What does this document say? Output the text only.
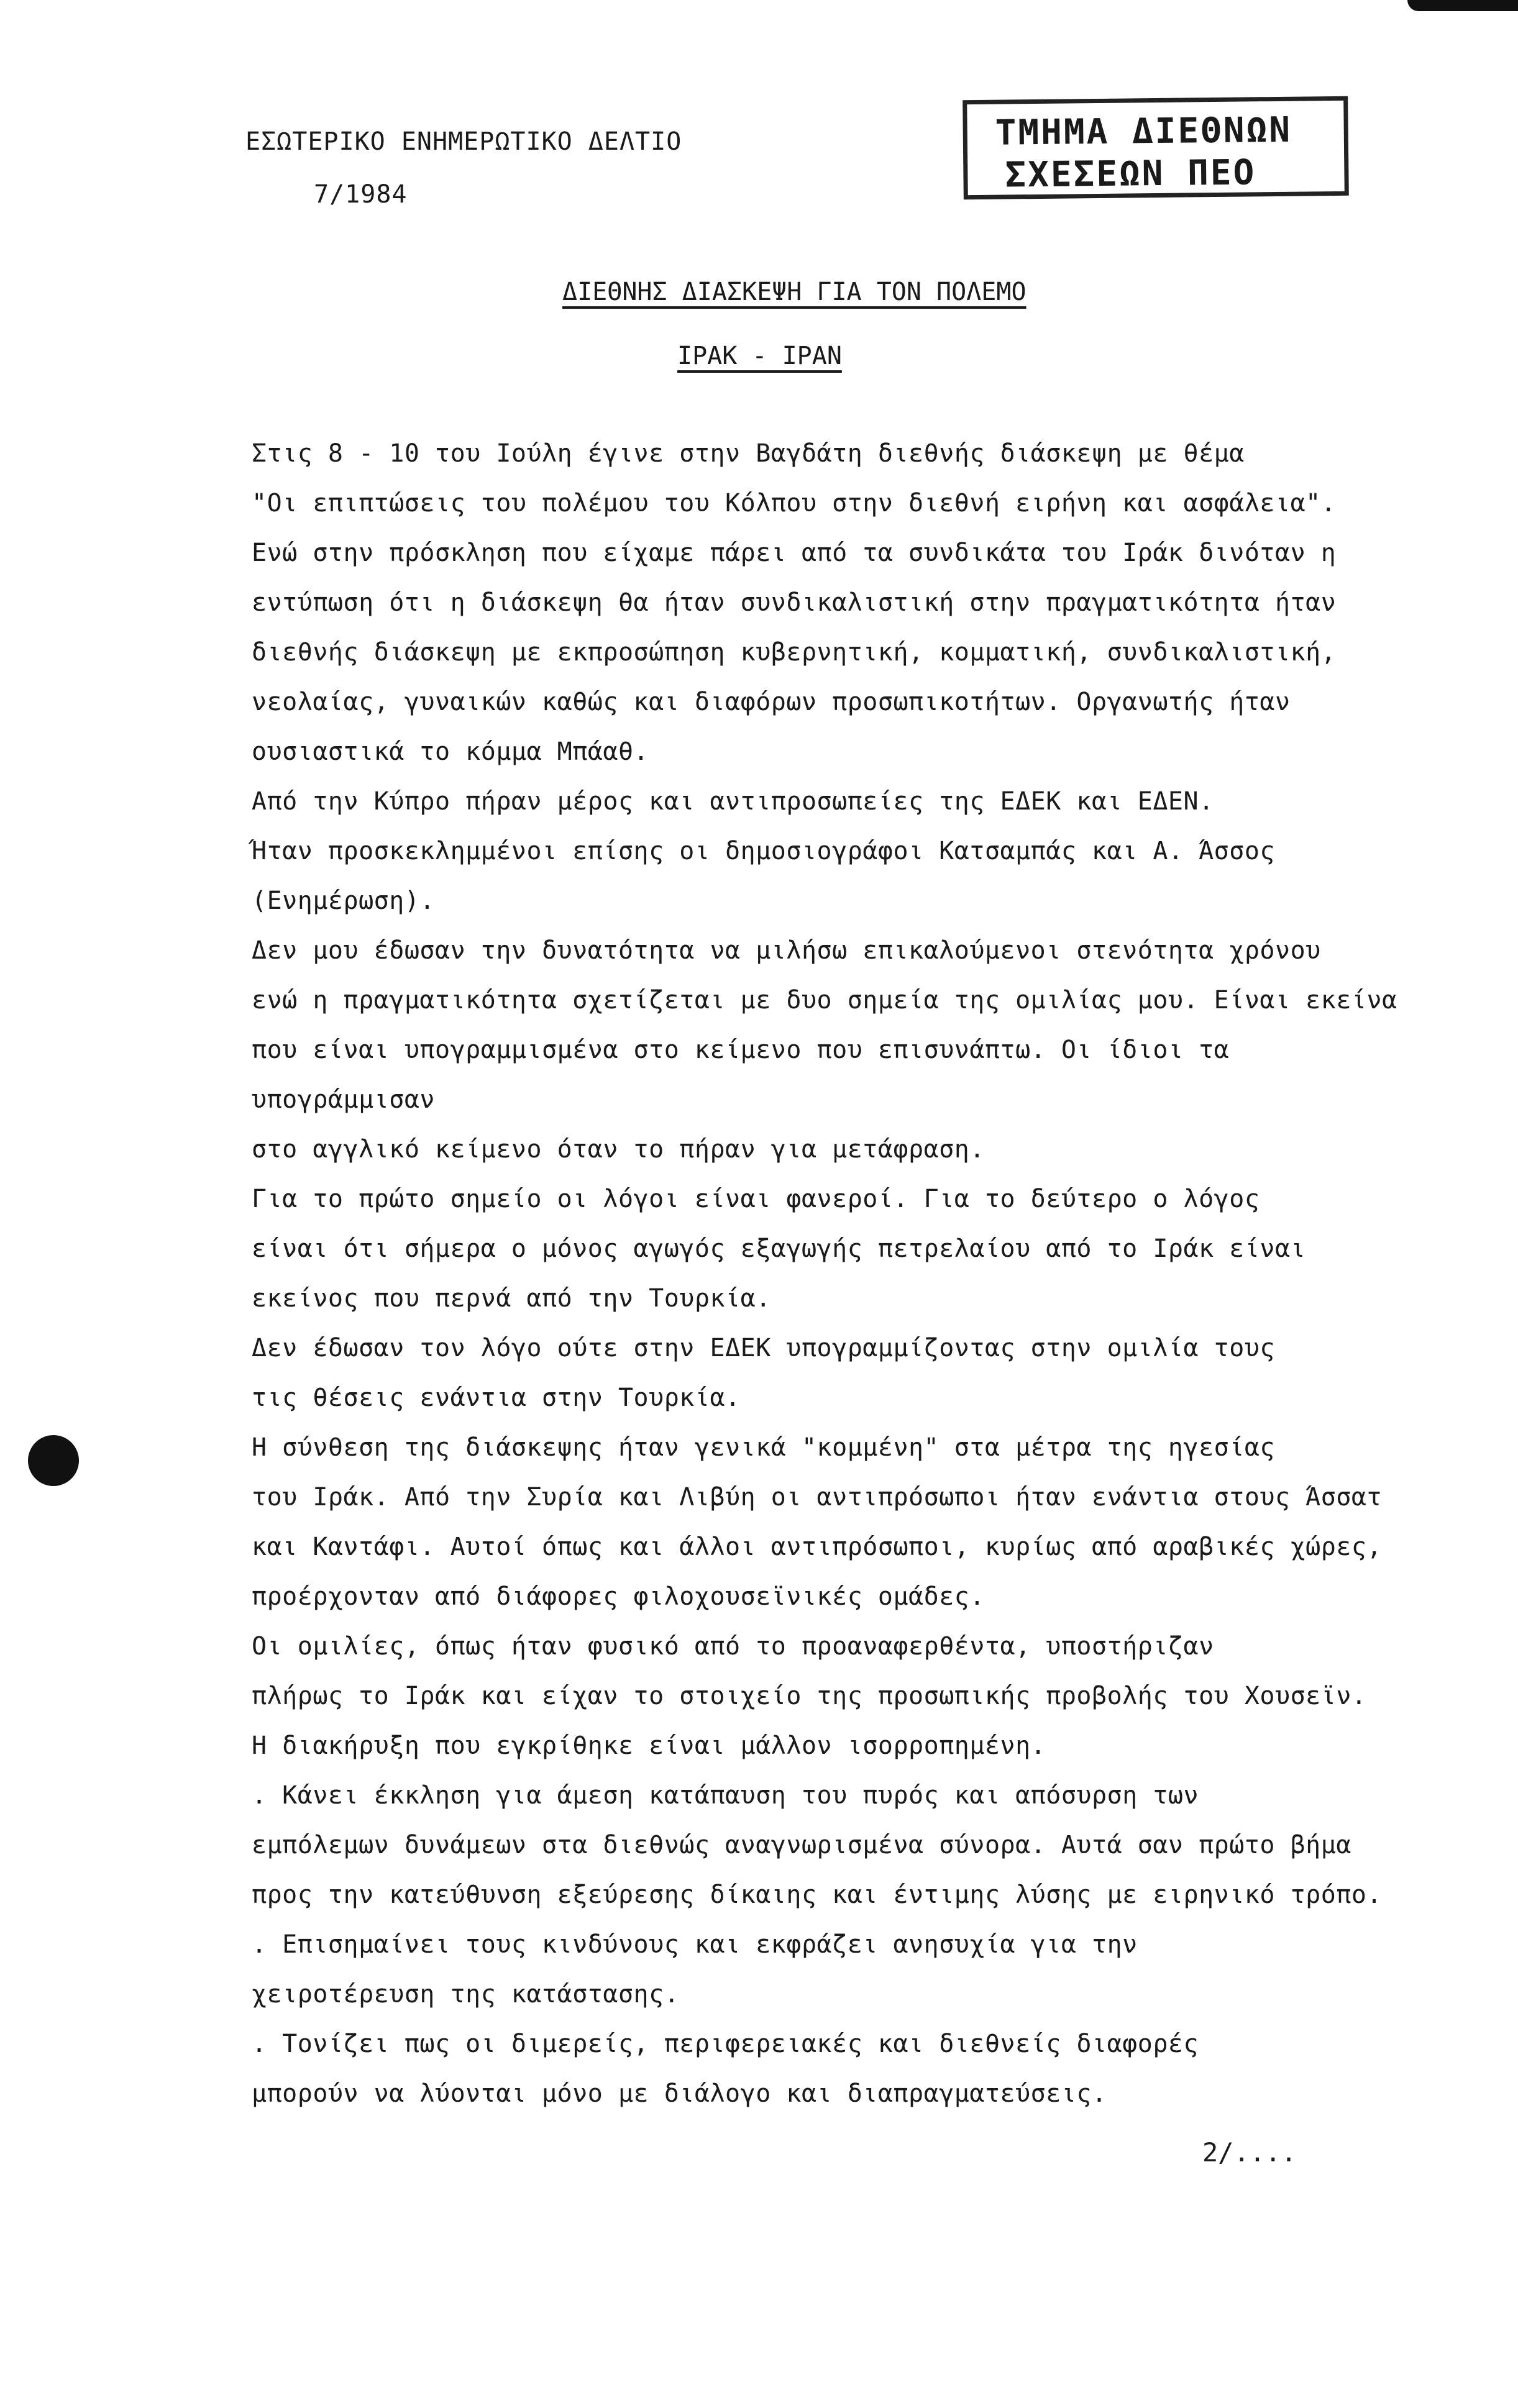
ΕΣΩΤΕΡΙΚΟ ΕΝΗΜΕΡΩΤΙΚΟ ΔΕΛΤΙΟ
7/1984
ΤΜΗΜΑ ΔΙΕΘΝΩΝ
ΣΧΕΣΕΩΝ ΠΕΟ
ΔΙΕΘΝΗΣ ΔΙΑΣΚΕΨΗ ΓΙΑ ΤΟΝ ΠΟΛΕΜΟ
ΙΡΑΚ - ΙΡΑΝ

Στις 8 - 10 του Ιούλη έγινε στην Βαγδάτη διεθνής διάσκεψη με θέμα
"Οι επιπτώσεις του πολέμου του Κόλπου στην διεθνή ειρήνη και ασφάλεια".
Ενώ στην πρόσκληση που είχαμε πάρει από τα συνδικάτα του Ιράκ δινόταν η
εντύπωση ότι η διάσκεψη θα ήταν συνδικαλιστική στην πραγματικότητα ήταν
διεθνής διάσκεψη με εκπροσώπηση κυβερνητική, κομματική, συνδικαλιστική,
νεολαίας, γυναικών καθώς και διαφόρων προσωπικοτήτων. Οργανωτής ήταν
ουσιαστικά το κόμμα Μπάαθ.

Από την Κύπρο πήραν μέρος και αντιπροσωπείες της ΕΔΕΚ και ΕΔΕΝ.
Ήταν προσκεκλημμένοι επίσης οι δημοσιογράφοι Κατσαμπάς και Α. Άσσος
(Ενημέρωση).

Δεν μου έδωσαν την δυνατότητα να μιλήσω επικαλούμενοι στενότητα χρόνου
ενώ η πραγματικότητα σχετίζεται με δυο σημεία της ομιλίας μου. Είναι εκείνα
που είναι υπογραμμισμένα στο κείμενο που επισυνάπτω. Οι ίδιοι τα υπογράμμισαν
στο αγγλικό κείμενο όταν το πήραν για μετάφραση.

Για το πρώτο σημείο οι λόγοι είναι φανεροί. Για το δεύτερο ο λόγος
είναι ότι σήμερα ο μόνος αγωγός εξαγωγής πετρελαίου από το Ιράκ είναι
εκείνος που περνά από την Τουρκία.

Δεν έδωσαν τον λόγο ούτε στην ΕΔΕΚ υπογραμμίζοντας στην ομιλία τους
τις θέσεις ενάντια στην Τουρκία.

Η σύνθεση της διάσκεψης ήταν γενικά "κομμένη" στα μέτρα της ηγεσίας
του Ιράκ. Από την Συρία και Λιβύη οι αντιπρόσωποι ήταν ενάντια στους Άσσατ
και Καντάφι. Αυτοί όπως και άλλοι αντιπρόσωποι, κυρίως από αραβικές χώρες,
προέρχονταν από διάφορες φιλοχουσεϊνικές ομάδες.

Οι ομιλίες, όπως ήταν φυσικό από το προαναφερθέντα, υποστήριζαν
πλήρως το Ιράκ και είχαν το στοιχείο της προσωπικής προβολής του Χουσεϊν.

Η διακήρυξη που εγκρίθηκε είναι μάλλον ισορροπημένη.

. Κάνει έκκληση για άμεση κατάπαυση του πυρός και απόσυρση των
εμπόλεμων δυνάμεων στα διεθνώς αναγνωρισμένα σύνορα. Αυτά σαν πρώτο βήμα
προς την κατεύθυνση εξεύρεσης δίκαιης και έντιμης λύσης με ειρηνικό τρόπο.

. Επισημαίνει τους κινδύνους και εκφράζει ανησυχία για την
χειροτέρευση της κατάστασης.

. Τονίζει πως οι διμερείς, περιφερειακές και διεθνείς διαφορές
μπορούν να λύονται μόνο με διάλογο και διαπραγματεύσεις.

2/....
